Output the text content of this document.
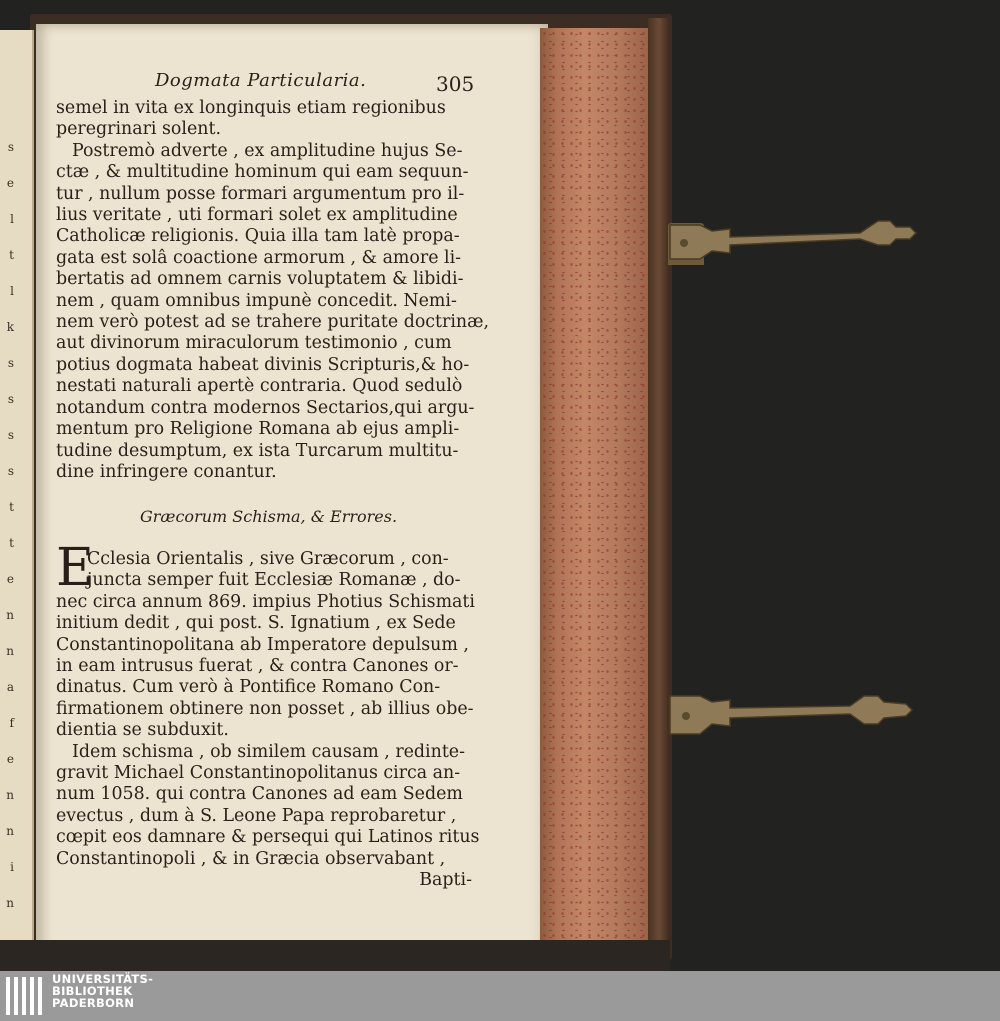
s
e
l
t
l
k
s
s
s
s
t
t
e
n
n
a
f
e
n
n
i
n
Dogmata Particularia.	305
semel in vita ex longinquis etiam regionibus
peregrinari solent.
Postremò adverte , ex amplitudine hujus Se-
ctæ , & multitudine hominum qui eam sequun-
tur , nullum posse formari argumentum pro il-
lius veritate , uti formari solet ex amplitudine
Catholicæ religionis. Quia illa tam latè propa-
gata est solâ coactione armorum , & amore li-
bertatis ad omnem carnis voluptatem & libidi-
nem , quam omnibus impunè concedit. Nemi-
nem verò potest ad se trahere puritate doctrinæ,
aut divinorum miraculorum testimonio , cum
potius dogmata habeat divinis Scripturis,& ho-
nestati naturali apertè contraria. Quod sedulò
notandum contra modernos Sectarios,qui argu-
mentum pro Religione Romana ab ejus ampli-
tudine desumptum, ex ista Turcarum multitu-
dine infringere conantur.
Græcorum Schisma, & Errores.
E
Cclesia Orientalis , sive Græcorum , con-
juncta semper fuit Ecclesiæ Romanæ , do-
nec circa annum 869. impius Photius Schismati
initium dedit , qui post. S. Ignatium , ex Sede
Constantinopolitana ab Imperatore depulsum ,
in eam intrusus fuerat , & contra Canones or-
dinatus. Cum verò à Pontifice Romano Con-
firmationem obtinere non posset , ab illius obe-
dientia se subduxit.
Idem schisma , ob similem causam , redinte-
gravit Michael Constantinopolitanus circa an-
num 1058. qui contra Canones ad eam Sedem
evectus , dum à S. Leone Papa reprobaretur ,
cœpit eos damnare & persequi qui Latinos ritus
Constantinopoli , & in Græcia observabant ,
Bapti-
UNIVERSITÄTS-
BIBLIOTHEK
PADERBORN
